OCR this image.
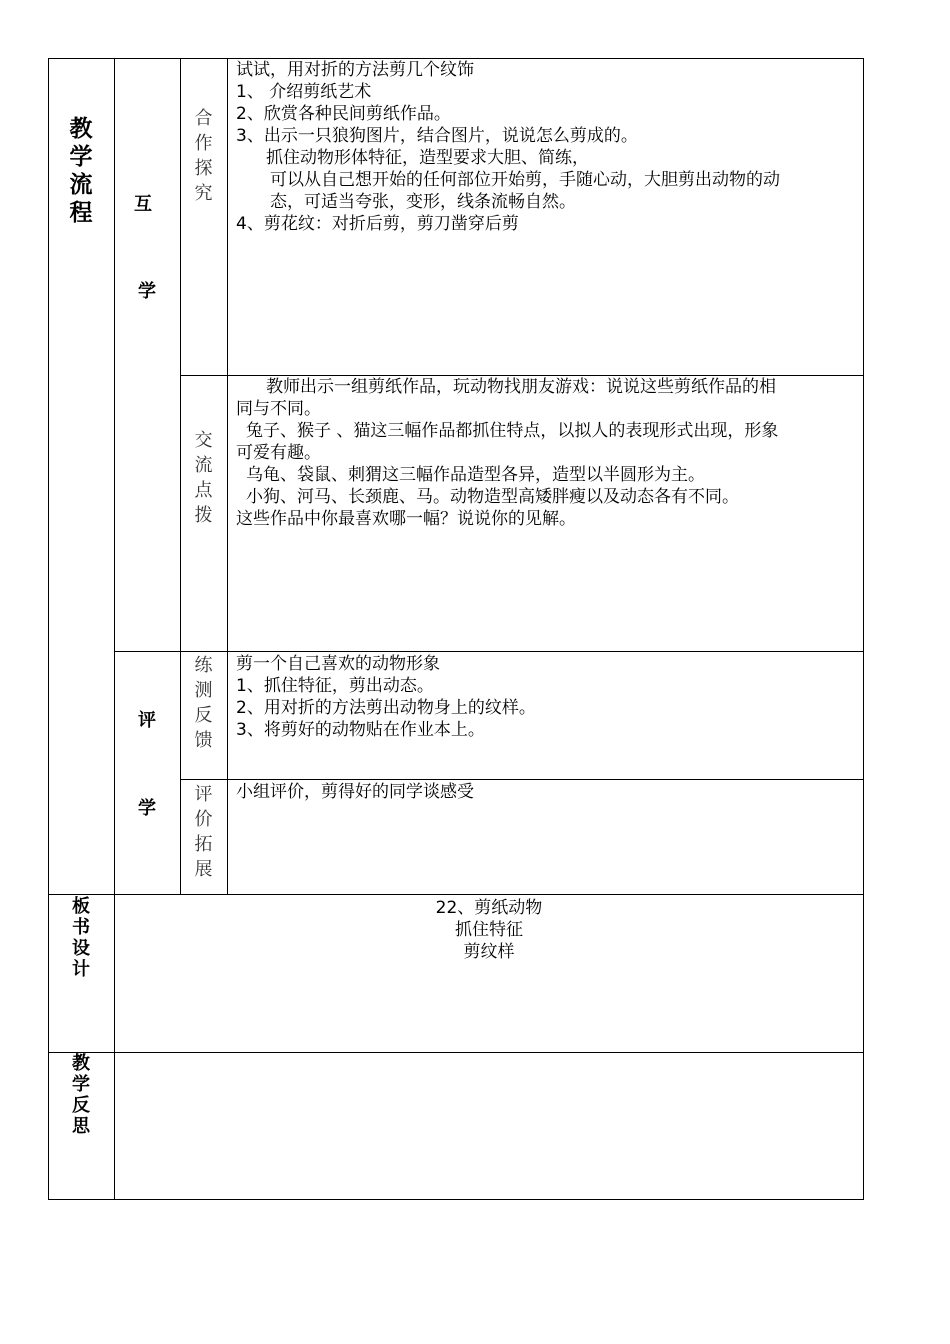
教
学
流
程 互
学
评
学
合
作
探
究
交
流
点
拨
练
测
反
馈
评
价
拓
展
试试，用对折的方法剪几个纹饰
1、 介绍剪纸艺术
2、欣赏各种民间剪纸作品。
3、出示一只狼狗图片，结合图片，说说怎么剪成的。
抓住动物形体特征，造型要求大胆、简练，
可以从自己想开始的任何部位开始剪，手随心动，大胆剪出动物的动
态，可适当夸张，变形，线条流畅自然。
4、剪花纹：对折后剪，剪刀凿穿后剪
教师出示一组剪纸作品，玩动物找朋友游戏：说说这些剪纸作品的相
同与不同。
兔子、猴子 、猫这三幅作品都抓住特点，以拟人的表现形式出现，形象
可爱有趣。
乌龟、袋鼠、刺猬这三幅作品造型各异，造型以半圆形为主。
小狗、河马、长颈鹿、马。动物造型高矮胖瘦以及动态各有不同。
这些作品中你最喜欢哪一幅？说说你的见解。
剪一个自己喜欢的动物形象
1、抓住特征，剪出动态。
2、用对折的方法剪出动物身上的纹样。
3、将剪好的动物贴在作业本上。
小组评价，剪得好的同学谈感受
板
书
设
计
22、剪纸动物
抓住特征
剪纹样
教
学
反
思
